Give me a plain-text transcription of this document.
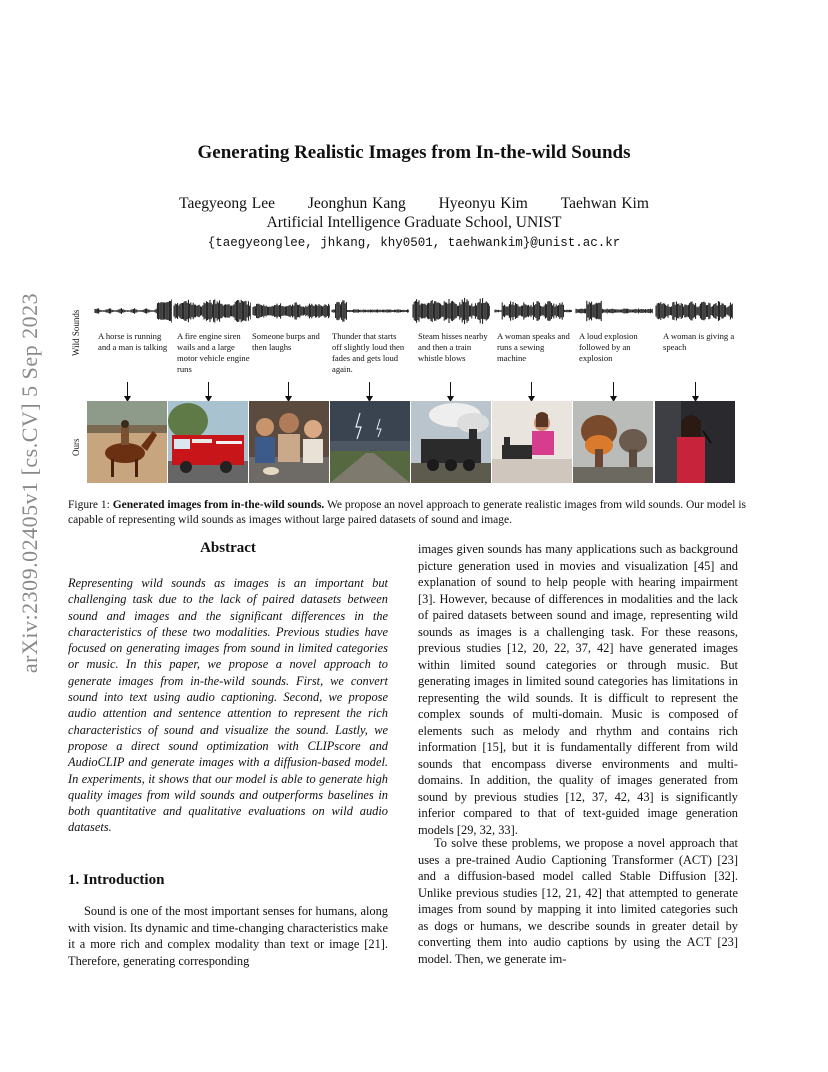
Generating Realistic Images from In-the-wild Sounds
Taegyeong Lee Jeonghun Kang Hyeonyu Kim Taehwan Kim
Artificial Intelligence Graduate School, UNIST
{taegyeonglee, jhkang, khy0501, taehwankim}@unist.ac.kr
arXiv:2309.02405v1 [cs.CV] 5 Sep 2023	Wild Sounds
Ours
A horse is running and a man is talking
A fire engine siren wails and a large motor vehicle engine runs
Someone burps and then laughs
Thunder that starts off slightly loud then fades and gets loud again.
Steam hisses nearby and then a train whistle blows
A woman speaks and runs a sewing machine
A loud explosion followed by an explosion
A woman is giving a speach
Figure 1: Generated images from in-the-wild sounds. We propose an novel approach to generate realistic images from wild sounds. Our model is capable of representing wild sounds as images without large paired datasets of sound and image.
Abstract
Representing wild sounds as images is an important but challenging task due to the lack of paired datasets between sound and images and the significant differences in the characteristics of these two modalities. Previous studies have focused on generating images from sound in limited categories or music. In this paper, we propose a novel approach to generate images from in-the-wild sounds. First, we convert sound into text using audio captioning. Second, we propose audio attention and sentence attention to represent the rich characteristics of sound and visualize the sound. Lastly, we propose a direct sound optimization with CLIPscore and AudioCLIP and generate images with a diffusion-based model. In experiments, it shows that our model is able to generate high quality images from wild sounds and outperforms baselines in both quantitative and qualitative evaluations on wild audio datasets.
1. Introduction
Sound is one of the most important senses for humans, along with vision. Its dynamic and time-changing characteristics make it a more rich and complex modality than text or image [21]. Therefore, generating corresponding
images given sounds has many applications such as background picture generation used in movies and visualization [45] and explanation of sound to help people with hearing impairment [3]. However, because of differences in modalities and the lack of paired datasets between sound and image, representing wild sounds as images is a challenging task. For these reasons, previous studies [12, 20, 22, 37, 42] have generated images within limited sound categories or through music. But generating images in limited sound categories has limitations in representing the wild sounds. It is difficult to represent the complex sounds of multi-domain. Music is composed of elements such as melody and rhythm and contains rich information [15], but it is fundamentally different from wild sounds that encompass diverse environments and multi-domains. In addition, the quality of images generated from sound by previous studies [12, 37, 42, 43] is significantly inferior compared to that of text-guided image generation models [29, 32, 33].
To solve these problems, we propose a novel approach that uses a pre-trained Audio Captioning Transformer (ACT) [23] and a diffusion-based model called Stable Diffusion [32]. Unlike previous studies [12, 21, 42] that attempted to generate images from sound by mapping it into limited categories such as dogs or humans, we describe sounds in greater detail by converting them into audio captions by using the ACT [23] model. Then, we generate im-
